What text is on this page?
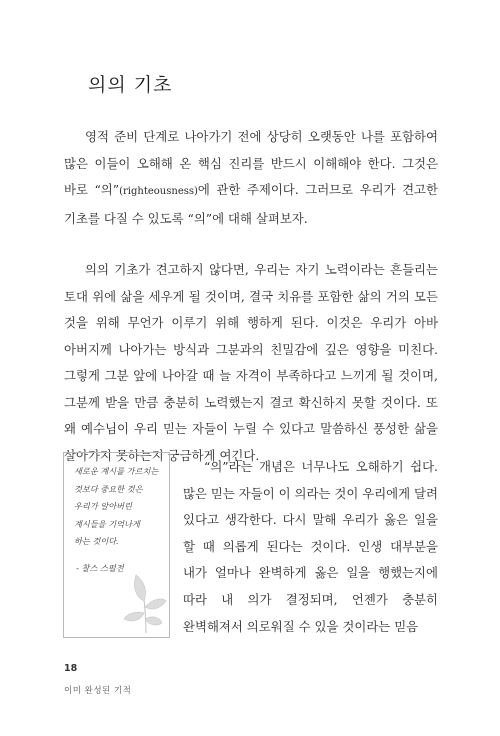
의의 기초

영적 준비 단계로 나아가기 전에 상당히 오랫동안 나를 포함하여 많은 이들이 오해해 온 핵심 진리를 반드시 이해해야 한다. 그것은 바로 “의”(righteousness)에 관한 주제이다. 그러므로 우리가 견고한 기초를 다질 수 있도록 “의”에 대해 살펴보자.

의의 기초가 견고하지 않다면, 우리는 자기 노력이라는 흔들리는 토대 위에 삶을 세우게 될 것이며, 결국 치유를 포함한 삶의 거의 모든 것을 위해 무언가 이루기 위해 행하게 된다. 이것은 우리가 아바 아버지께 나아가는 방식과 그분과의 친밀감에 깊은 영향을 미친다. 그렇게 그분 앞에 나아갈 때 늘 자격이 부족하다고 느끼게 될 것이며, 그분께 받을 만큼 충분히 노력했는지 결코 확신하지 못할 것이다. 또 왜 예수님이 우리 믿는 자들이 누릴 수 있다고 말씀하신 풍성한 삶을 살아가지 못하는지 궁금하게 여긴다.

새로운 계시를 가르치는
것보다 중요한 것은
우리가 알아버린
계시들을 기억나게
하는 것이다.
- 찰스 스펄전

“의”라는 개념은 너무나도 오해하기 쉽다. 많은 믿는 자들이 이 의라는 것이 우리에게 달려 있다고 생각한다. 다시 말해 우리가 옳은 일을 할 때 의롭게 된다는 것이다. 인생 대부분을 내가 얼마나 완벽하게 옳은 일을 행했는지에 따라 내 의가 결정되며, 언젠가 충분히 완벽해져서 의로워질 수 있을 것이라는 믿음

18
이미 완성된 기적
